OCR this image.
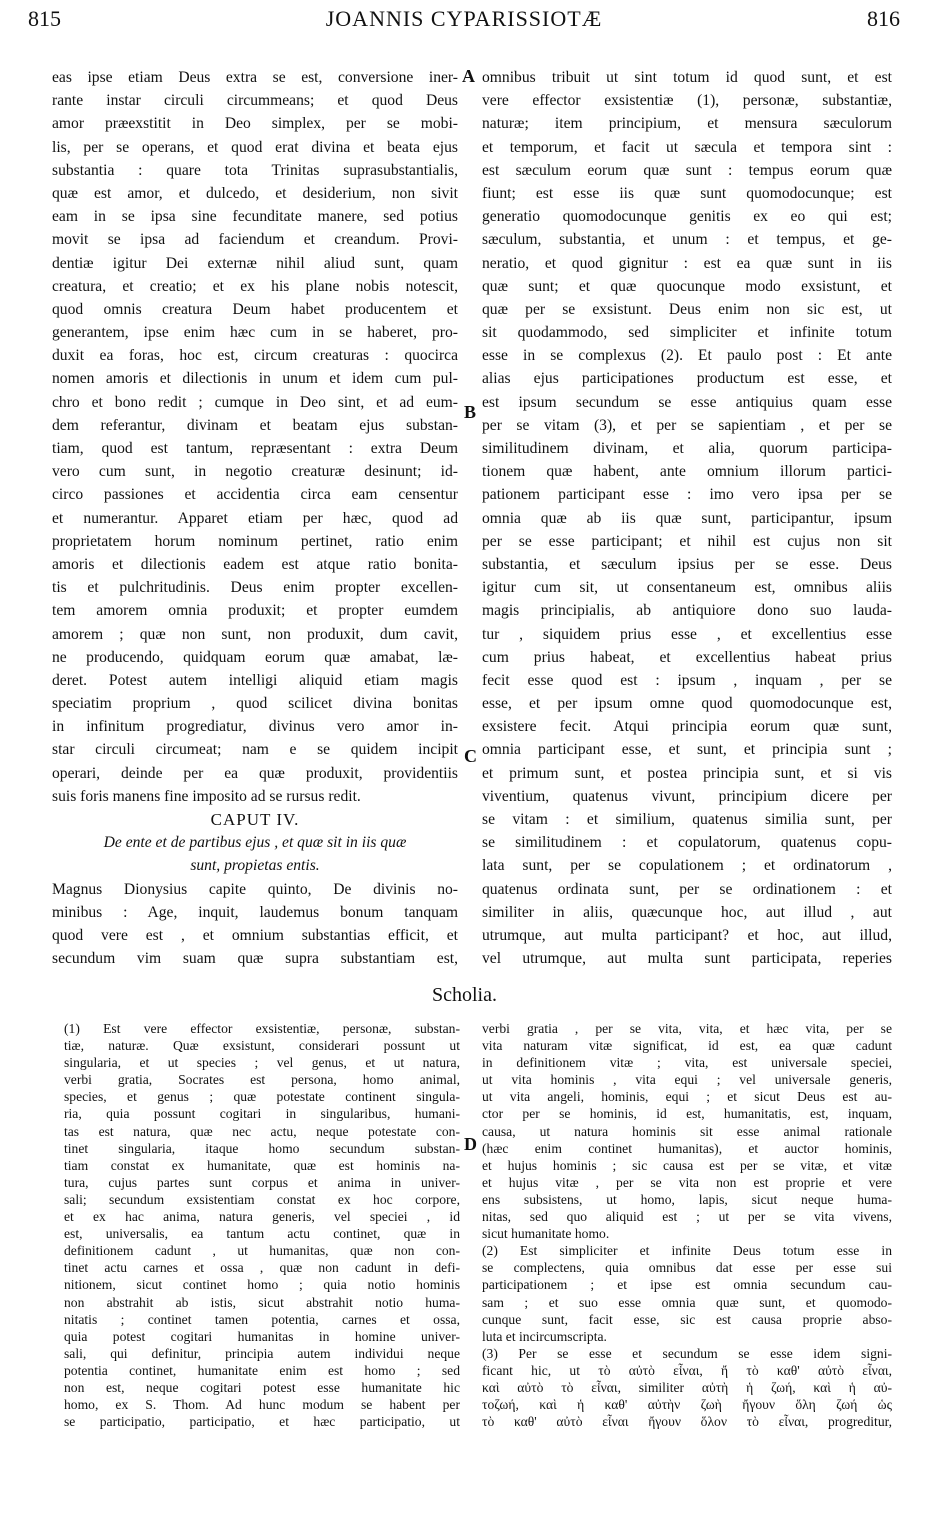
815	JOANNIS CYPARISSIOTÆ	816
A
B
C
D
eas ipse etiam Deus extra se est, conversione iner-
rante instar circuli circummeans; et quod Deus
amor præexstitit in Deo simplex, per se mobi-
lis, per se operans, et quod erat divina et beata ejus
substantia : quare tota Trinitas suprasubstantialis,
quæ est amor, et dulcedo, et desiderium, non sivit
eam in se ipsa sine fecunditate manere, sed potius
movit se ipsa ad faciendum et creandum. Provi-
dentiæ igitur Dei externæ nihil aliud sunt, quam
creatura, et creatio; et ex his plane nobis notescit,
quod omnis creatura Deum habet producentem et
generantem, ipse enim hæc cum in se haberet, pro-
duxit ea foras, hoc est, circum creaturas : quocirca
nomen amoris et dilectionis in unum et idem cum pul-
chro et bono redit ; cumque in Deo sint, et ad eum-
dem referantur, divinam et beatam ejus substan-
tiam, quod est tantum, repræsentant : extra Deum
vero cum sunt, in negotio creaturæ desinunt; id-
circo passiones et accidentia circa eam censentur
et numerantur. Apparet etiam per hæc, quod ad
proprietatem horum nominum pertinet, ratio enim
amoris et dilectionis eadem est atque ratio bonita-
tis et pulchritudinis. Deus enim propter excellen-
tem amorem omnia produxit; et propter eumdem
amorem ; quæ non sunt, non produxit, dum cavit,
ne producendo, quidquam eorum quæ amabat, læ-
deret. Potest autem intelligi aliquid etiam magis
speciatim proprium , quod scilicet divina bonitas
in infinitum progrediatur, divinus vero amor in-
star circuli circumeat; nam e se quidem incipit
operari, deinde per ea quæ produxit, providentiis
suis foris manens fine imposito ad se rursus redit.
CAPUT IV.
De ente et de partibus ejus , et quæ sit in iis quæ
sunt, propietas entis.
Magnus Dionysius capite quinto, De divinis no-
minibus : Age, inquit, laudemus bonum tanquam
quod vere est , et omnium substantias efficit, et
secundum vim suam quæ supra substantiam est,
omnibus tribuit ut sint totum id quod sunt, et est
vere effector exsistentiæ (1), personæ, substantiæ,
naturæ; item principium, et mensura sæculorum
et temporum, et facit ut sæcula et tempora sint :
est sæculum eorum quæ sunt : tempus eorum quæ
fiunt; est esse iis quæ sunt quomodocunque; est
generatio quomodocunque genitis ex eo qui est;
sæculum, substantia, et unum : et tempus, et ge-
neratio, et quod gignitur : est ea quæ sunt in iis
quæ sunt; et quæ quocunque modo exsistunt, et
quæ per se exsistunt. Deus enim non sic est, ut
sit quodammodo, sed simpliciter et infinite totum
esse in se complexus (2). Et paulo post : Et ante
alias ejus participationes productum est esse, et
est ipsum secundum se esse antiquius quam esse
per se vitam (3), et per se sapientiam , et per se
similitudinem divinam, et alia, quorum participa-
tionem quæ habent, ante omnium illorum partici-
pationem participant esse : imo vero ipsa per se
omnia quæ ab iis quæ sunt, participantur, ipsum
per se esse participant; et nihil est cujus non sit
substantia, et sæculum ipsius per se esse. Deus
igitur cum sit, ut consentaneum est, omnibus aliis
magis principialis, ab antiquiore dono suo lauda-
tur , siquidem prius esse , et excellentius esse
cum prius habeat, et excellentius habeat prius
fecit esse quod est : ipsum , inquam , per se
esse, et per ipsum omne quod quomodocunque est,
exsistere fecit. Atqui principia eorum quæ sunt,
omnia participant esse, et sunt, et principia sunt ;
et primum sunt, et postea principia sunt, et si vis
viventium, quatenus vivunt, principium dicere per
se vitam : et similium, quatenus similia sunt, per
se similitudinem : et copulatorum, quatenus copu-
lata sunt, per se copulationem ; et ordinatorum ,
quatenus ordinata sunt, per se ordinationem : et
similiter in aliis, quæcunque hoc, aut illud , aut
utrumque, aut multa participant? et hoc, aut illud,
vel utrumque, aut multa sunt participata, reperies
Scholia.
(1) Est vere effector exsistentiæ, personæ, substan-
tiæ, naturæ. Quæ exsistunt, considerari possunt ut
singularia, et ut species ; vel genus, et ut natura,
verbi gratia, Socrates est persona, homo animal,
species, et genus ; quæ potestate continent singula-
ria, quia possunt cogitari in singularibus, humani-
tas est natura, quæ nec actu, neque potestate con-
tinet singularia, itaque homo secundum substan-
tiam constat ex humanitate, quæ est hominis na-
tura, cujus partes sunt corpus et anima in univer-
sali; secundum exsistentiam constat ex hoc corpore,
et ex hac anima, natura generis, vel speciei , id
est, universalis, ea tantum actu continet, quæ in
definitionem cadunt , ut humanitas, quæ non con-
tinet actu carnes et ossa , quæ non cadunt in defi-
nitionem, sicut continet homo ; quia notio hominis
non abstrahit ab istis, sicut abstrahit notio huma-
nitatis ; continet tamen potentia, carnes et ossa,
quia potest cogitari humanitas in homine univer-
sali, qui definitur, principia autem individui neque
potentia continet, humanitate enim est homo ; sed
non est, neque cogitari potest esse humanitate hic
homo, ex S. Thom. Ad hunc modum se habent per
se participatio, participatio, et hæc participatio, ut
verbi gratia , per se vita, vita, et hæc vita, per se
vita naturam vitæ significat, id est, ea quæ cadunt
in definitionem vitæ ; vita, est universale speciei,
ut vita hominis , vita equi ; vel universale generis,
ut vita angeli, hominis, equi ; et sicut Deus est au-
ctor per se hominis, id est, humanitatis, est, inquam,
causa, ut natura hominis sit esse animal rationale
(hæc enim continet humanitas), et auctor hominis,
et hujus hominis ; sic causa est per se vitæ, et vitæ
et hujus vitæ , per se vita non est proprie et vere
ens subsistens, ut homo, lapis, sicut neque huma-
nitas, sed quo aliquid est ; ut per se vita vivens,
sicut humanitate homo.
(2) Est simpliciter et infinite Deus totum esse in
se complectens, quia omnibus dat esse per esse sui
participationem ; et ipse est omnia secundum cau-
sam ; et suo esse omnia quæ sunt, et quomodo-
cunque sunt, facit esse, sic est causa proprie abso-
luta et incircumscripta.
(3) Per se esse et secundum se esse idem signi-
ficant hic, ut τὸ αὐτὸ εἶναι, ἤ τὸ καθ' αὐτὸ εἶναι,
καὶ αὐτὸ τὸ εἶναι, similiter αὐτὴ ἡ ζωή, καὶ ἡ αὐ-
τοζωή, καὶ ἡ καθ' αὐτὴν ζωὴ ἤγουν ὅλη ζωή ὡς
τὸ καθ' αὐτὸ εἶναι ἤγουν ὅλον τὸ εἶναι, progreditur,
